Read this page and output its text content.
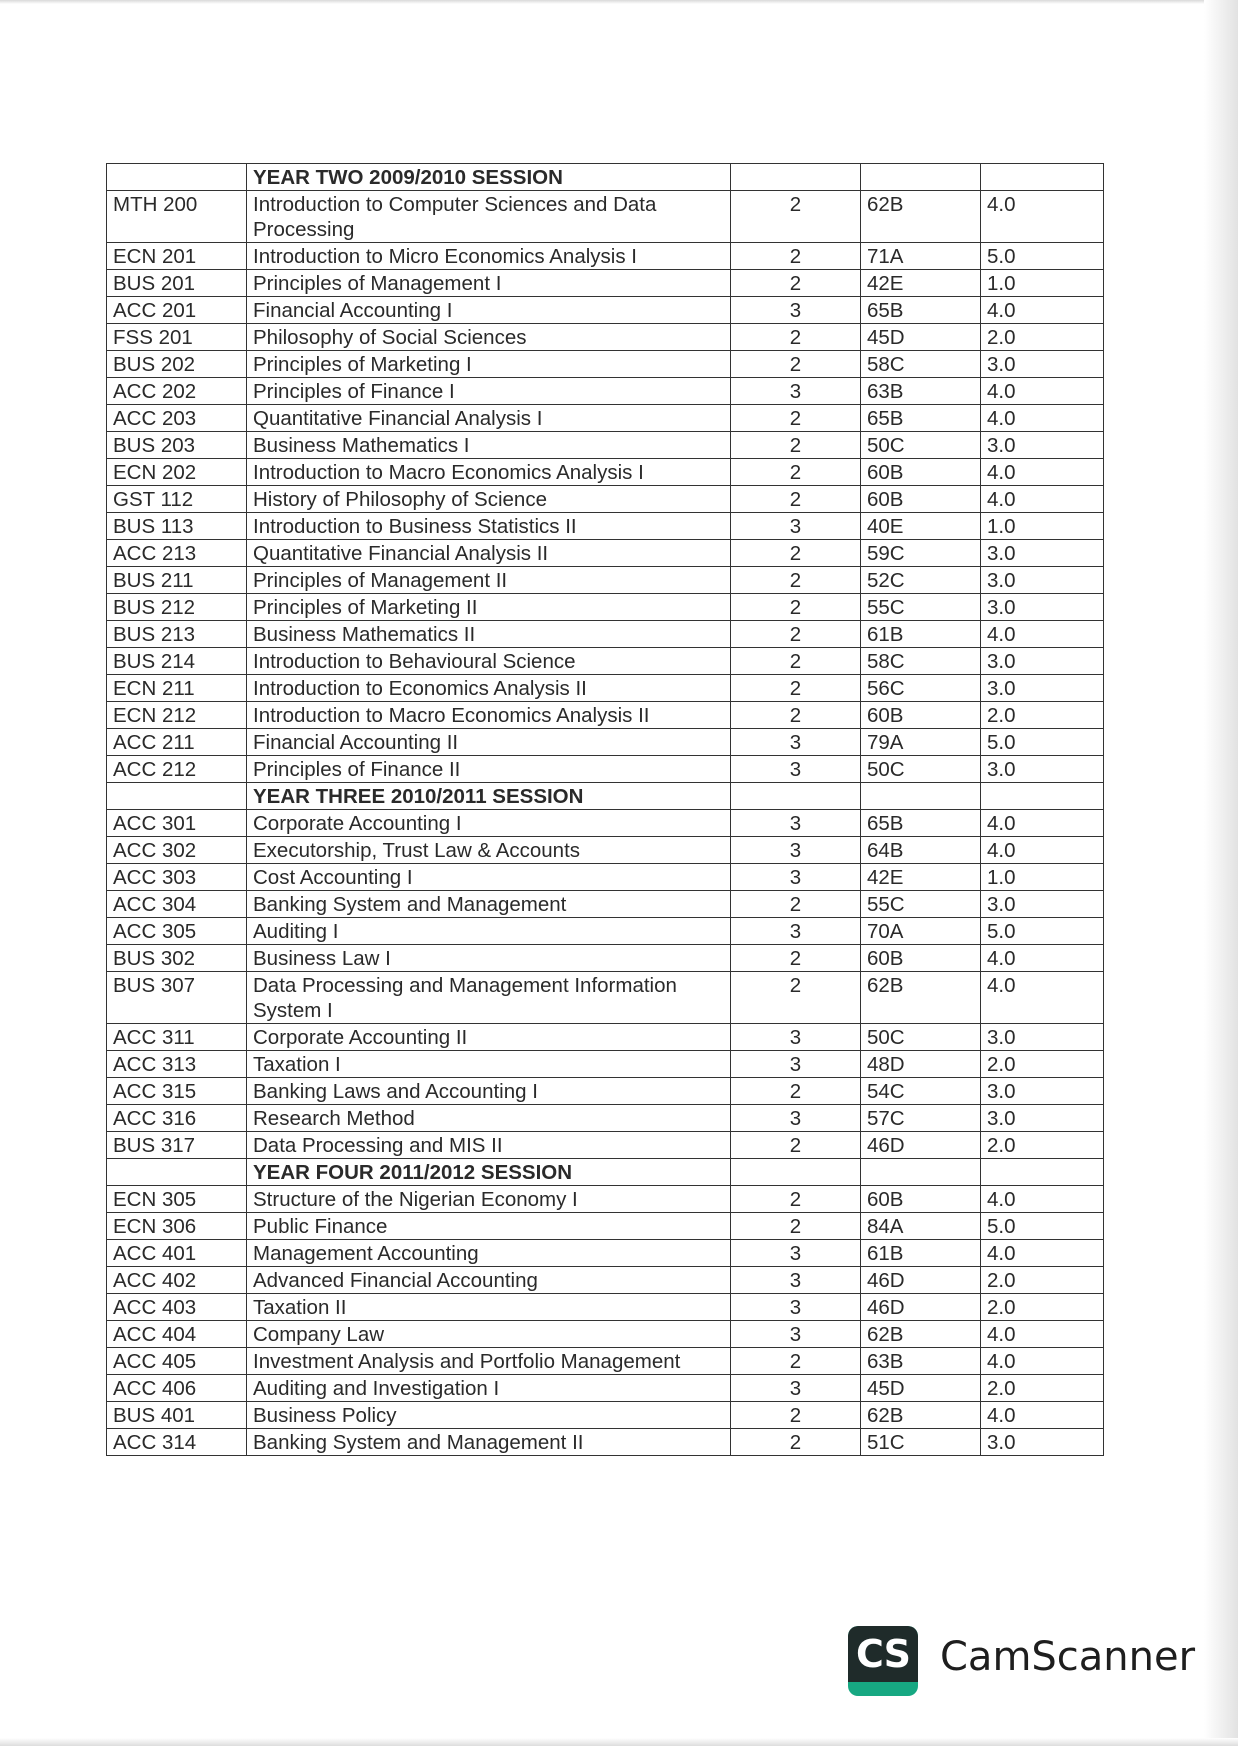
	YEAR TWO 2009/2010 SESSION			
MTH 200	Introduction to Computer Sciences and Data Processing	2	62B	4.0
ECN 201	Introduction to Micro Economics Analysis I	2	71A	5.0
BUS 201	Principles of Management I	2	42E	1.0
ACC 201	Financial Accounting I	3	65B	4.0
FSS 201	Philosophy of Social Sciences	2	45D	2.0
BUS 202	Principles of Marketing I	2	58C	3.0
ACC 202	Principles of Finance I	3	63B	4.0
ACC 203	Quantitative Financial Analysis I	2	65B	4.0
BUS 203	Business Mathematics I	2	50C	3.0
ECN 202	Introduction to Macro Economics Analysis I	2	60B	4.0
GST 112	History of Philosophy of Science	2	60B	4.0
BUS 113	Introduction to Business Statistics II	3	40E	1.0
ACC 213	Quantitative Financial Analysis II	2	59C	3.0
BUS 211	Principles of Management II	2	52C	3.0
BUS 212	Principles of Marketing II	2	55C	3.0
BUS 213	Business Mathematics II	2	61B	4.0
BUS 214	Introduction to Behavioural Science	2	58C	3.0
ECN 211	Introduction to Economics Analysis II	2	56C	3.0
ECN 212	Introduction to Macro Economics Analysis II	2	60B	2.0
ACC 211	Financial Accounting II	3	79A	5.0
ACC 212	Principles of Finance II	3	50C	3.0
	YEAR THREE 2010/2011 SESSION			
ACC 301	Corporate Accounting I	3	65B	4.0
ACC 302	Executorship, Trust Law & Accounts	3	64B	4.0
ACC 303	Cost Accounting I	3	42E	1.0
ACC 304	Banking System and Management	2	55C	3.0
ACC 305	Auditing I	3	70A	5.0
BUS 302	Business Law I	2	60B	4.0
BUS 307	Data Processing and Management Information System I	2	62B	4.0
ACC 311	Corporate Accounting II	3	50C	3.0
ACC 313	Taxation I	3	48D	2.0
ACC 315	Banking Laws and Accounting I	2	54C	3.0
ACC 316	Research Method	3	57C	3.0
BUS 317	Data Processing and MIS II	2	46D	2.0
	YEAR FOUR 2011/2012 SESSION			
ECN 305	Structure of the Nigerian Economy I	2	60B	4.0
ECN 306	Public Finance	2	84A	5.0
ACC 401	Management Accounting	3	61B	4.0
ACC 402	Advanced Financial Accounting	3	46D	2.0
ACC 403	Taxation II	3	46D	2.0
ACC 404	Company Law	3	62B	4.0
ACC 405	Investment Analysis and Portfolio Management	2	63B	4.0
ACC 406	Auditing and Investigation I	3	45D	2.0
BUS 401	Business Policy	2	62B	4.0
ACC 314	Banking System and Management II	2	51C	3.0
CS CamScanner
